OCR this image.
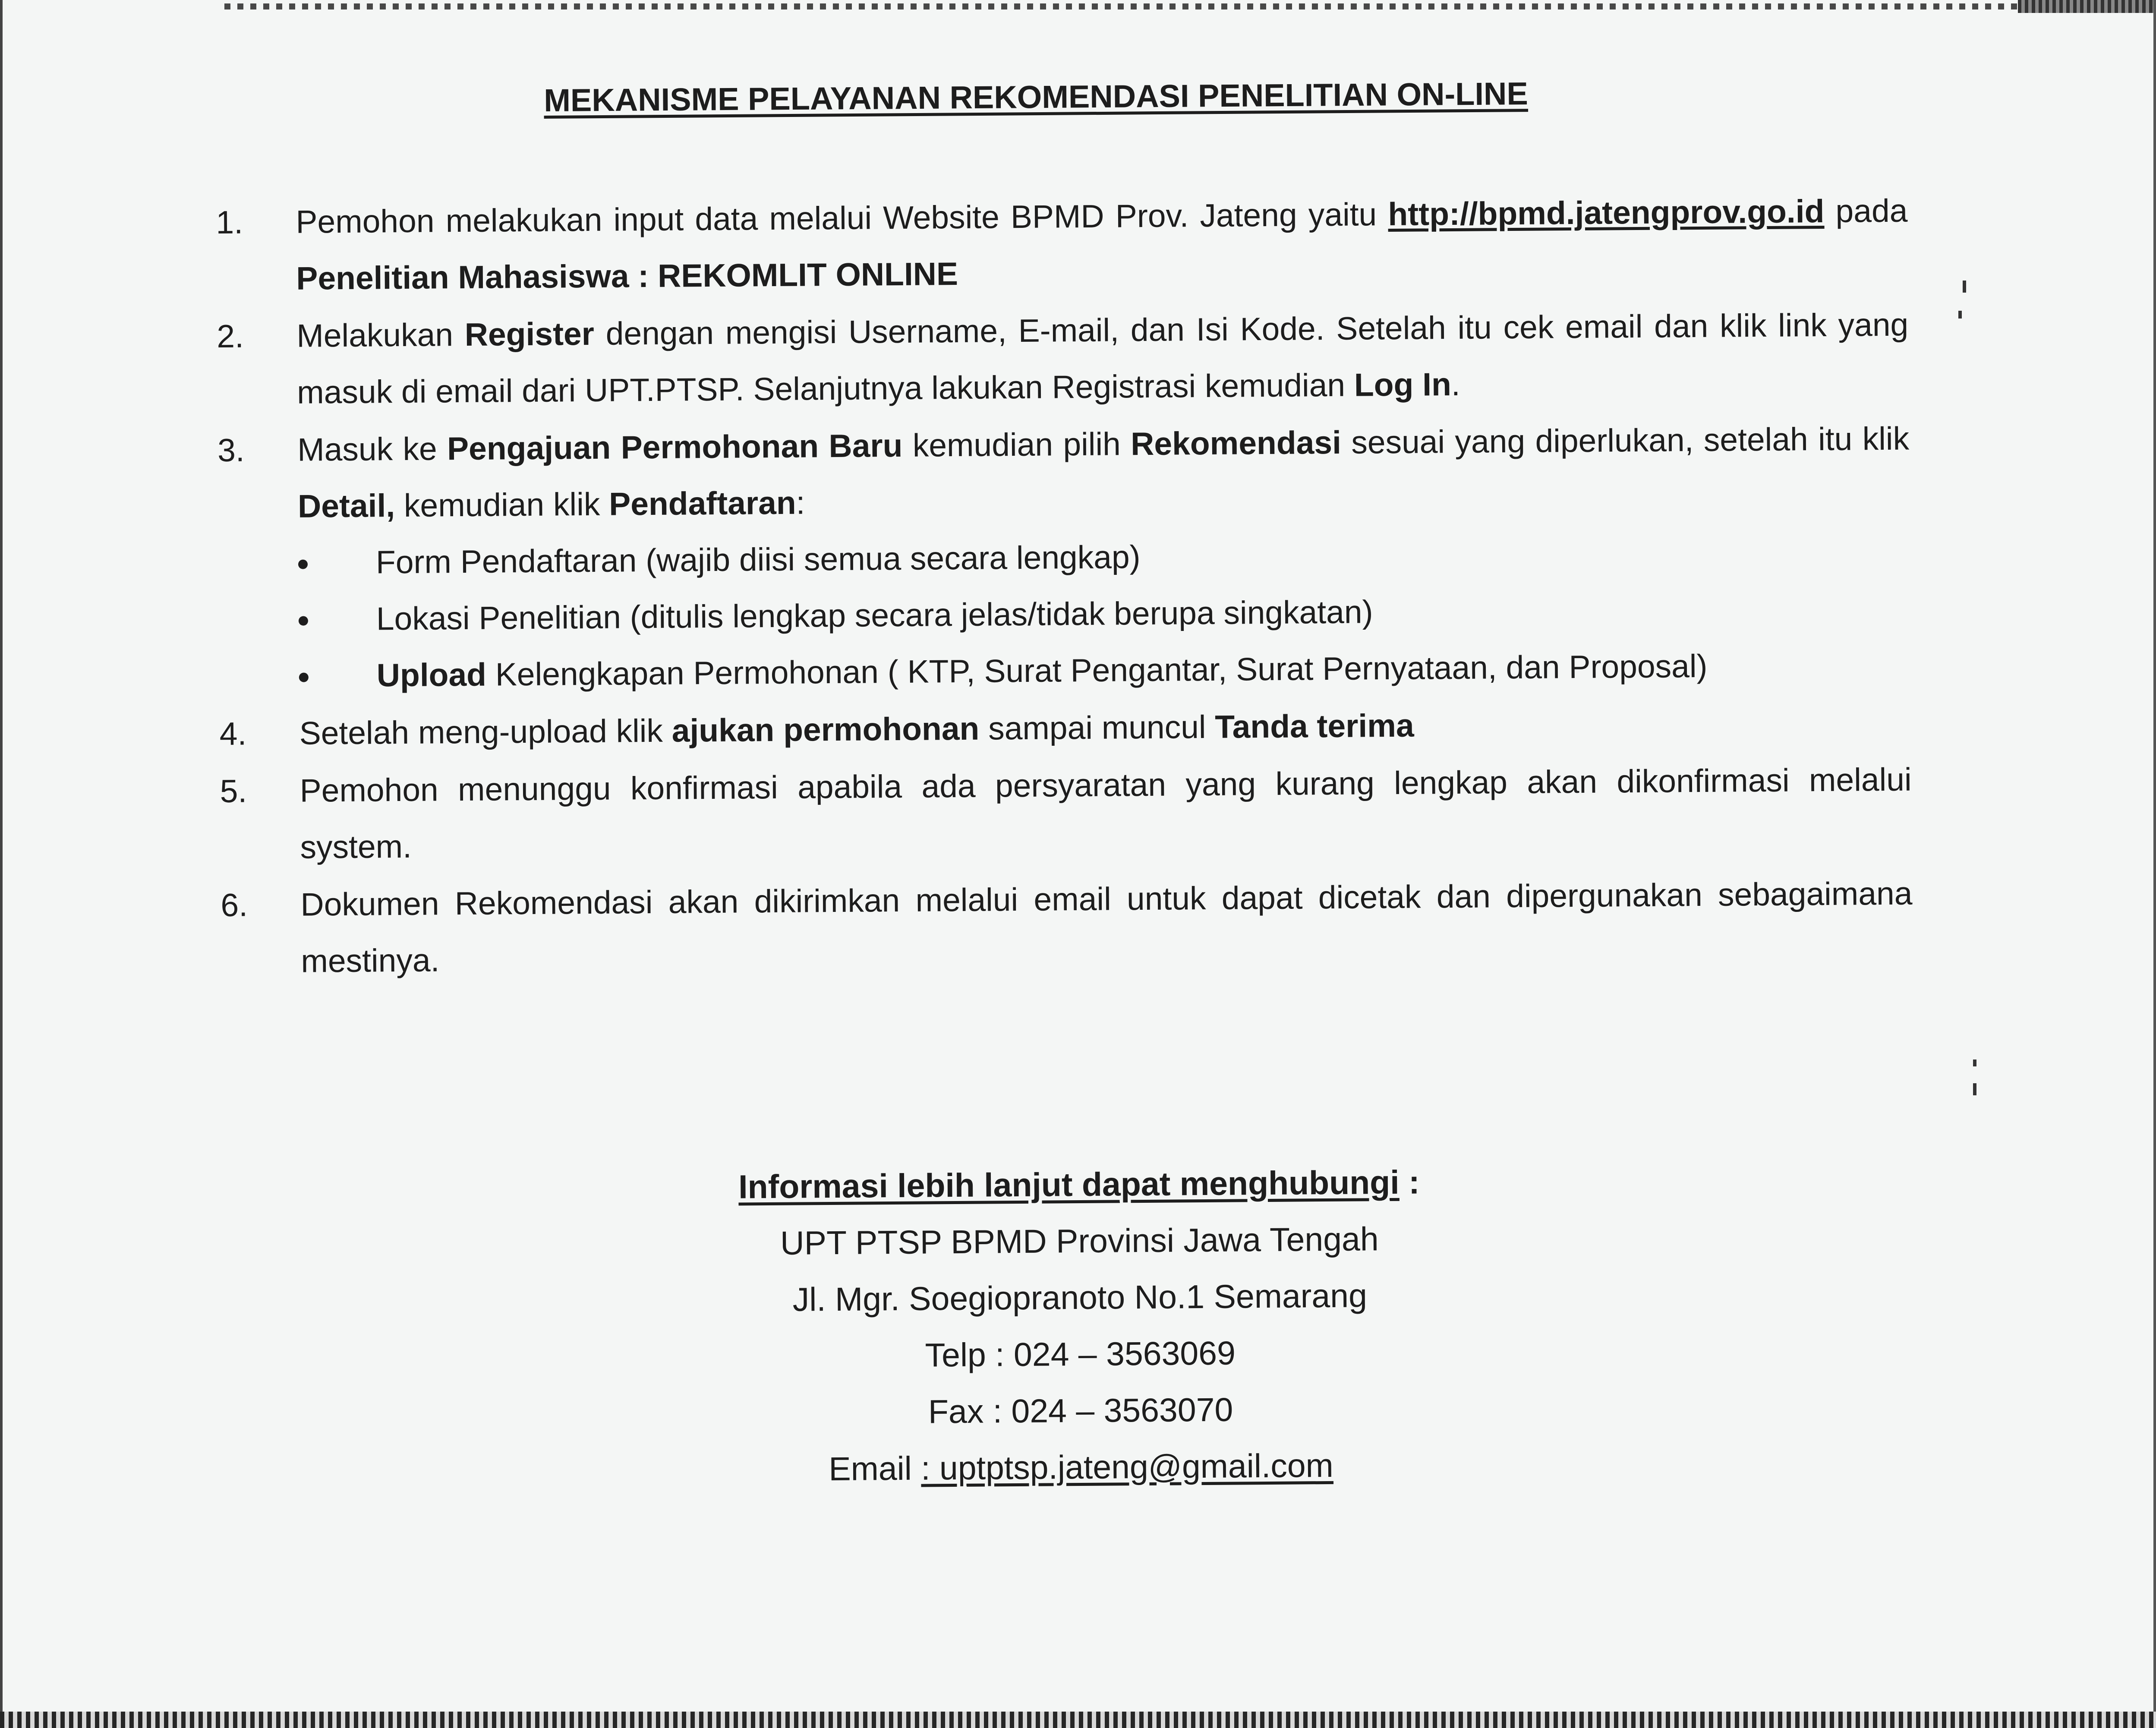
MEKANISME PELAYANAN REKOMENDASI PENELITIAN ON-LINE
1.	Pemohon melakukan input data melalui Website BPMD Prov. Jateng yaitu http://bpmd.jatengprov.go.id pada Penelitian Mahasiswa : REKOMLIT ONLINE
2.	Melakukan Register dengan mengisi Username, E-mail, dan Isi Kode. Setelah itu cek email dan klik link yang masuk di email dari UPT.PTSP. Selanjutnya lakukan Registrasi kemudian Log In.
3.	Masuk ke Pengajuan Permohonan Baru kemudian pilih Rekomendasi sesuai yang diperlukan, setelah itu klik Detail, kemudian klik Pendaftaran:
Form Pendaftaran (wajib diisi semua secara lengkap)
Lokasi Penelitian (ditulis lengkap secara jelas/tidak berupa singkatan)
Upload Kelengkapan Permohonan ( KTP, Surat Pengantar, Surat Pernyataan, dan Proposal)
4.	Setelah meng-upload klik ajukan permohonan sampai muncul Tanda terima
5.	Pemohon menunggu konfirmasi apabila ada persyaratan yang kurang lengkap akan dikonfirmasi melalui system.
6.	Dokumen Rekomendasi akan dikirimkan melalui email untuk dapat dicetak dan dipergunakan sebagaimana mestinya.
Informasi lebih lanjut dapat menghubungi :
UPT PTSP BPMD Provinsi Jawa Tengah
Jl. Mgr. Soegiopranoto No.1 Semarang
Telp : 024 – 3563069
Fax : 024 – 3563070
Email : uptptsp.jateng@gmail.com
